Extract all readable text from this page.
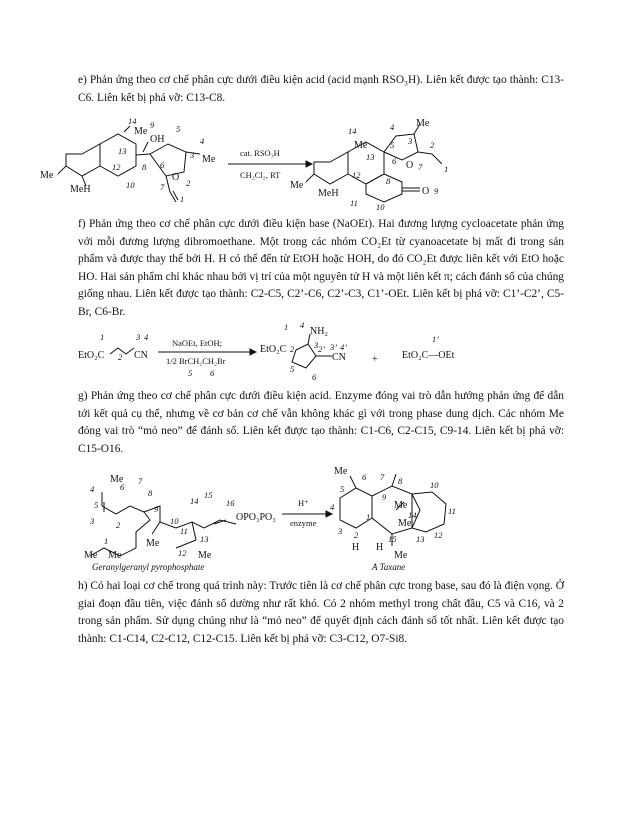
e) Phản ứng theo cơ chế phân cực dưới điều kiện acid (acid mạnh RSO₃H). Liên kết được tạo thành: C13-C6. Liên kết bị phá vỡ: C13-C8.
14 9	5
4
3
6
13
12	8
10	7
1
2
Me
OH
O
Me
Me
MeH
cat. RSO₃H
CH₂Cl₂, RT
14	4
3
Me
5	2
13 6 O 7	1
12
8
O 9
Me
MeH
11 10
Me
f) Phản ứng theo cơ chế phân cực dưới điều kiện base (NaOEt). Hai đương lượng cycloacetate phản ứng với mỗi đương lượng dibromoethane. Một trong các nhóm CO₂Et từ cyanoacetate bị mất đi trong sản phẩm và được thay thế bởi H. H có thể đến từ EtOH hoặc HOH, do đó CO₂Et được liên kết với EtO hoặc HO. Hai sản phẩm chỉ khác nhau bởi vị trí của một nguyên tử H và một liên kết π; cách đánh số của chúng giống nhau. Liên kết được tạo thành: C2-C5, C2’-C6, C2’-C3, C1’-OEt. Liên kết bị phá vỡ: C1’-C2’, C5-Br, C6-Br.
EtO₂C	CN
1
2
3 4
NaOEt, EtOH;
1/2 BrCH₂CH₂Br
5 6
EtO₂C
NH₂
CN
1 4
2 3 2’ 3’ 4’
5
6
+ EtO₂C—OEt
1’
g) Phản ứng theo cơ chế phân cực dưới điều kiện acid. Enzyme đóng vai trò dẫn hướng phản ứng để dẫn tới kết quả cụ thể, nhưng về cơ bản cơ chế vẫn không khác gì với trong phase dung dịch. Các nhóm Me đóng vai trò “mỏ neo” để đánh số. Liên kết được tạo thành: C1-C6, C2-C15, C9-14. Liên kết bị phá vỡ: C15-O16.
Me
4
5
6
7
8
3
9
10
14
15
16
2
1
11
12
13
Me Me
Me
Me
OPO₃PO₃
Geranylgeranyl pyrophosphate
H⁺
enzyme
Me 6 7 8
5
9
Me
10
4
1	14	11
3
Me
2	15 13 12
H H
Me
A Taxane
h) Có hai loại cơ chế trong quá trình này: Trước tiên là cơ chế phân cực trong base, sau đó là điện vọng. Ở giai đoạn đầu tiên, việc đánh số dường như rất khó. Có 2 nhóm methyl trong chất đầu, C5 và C16, và 2 trong sản phẩm. Sử dụng chúng như là “mỏ neo” để quyết định cách đánh số tốt nhất. Liên kết được tạo thành: C1-C14, C2-C12, C12-C15. Liên kết bị phá vỡ: C3-C12, O7-Si8.
